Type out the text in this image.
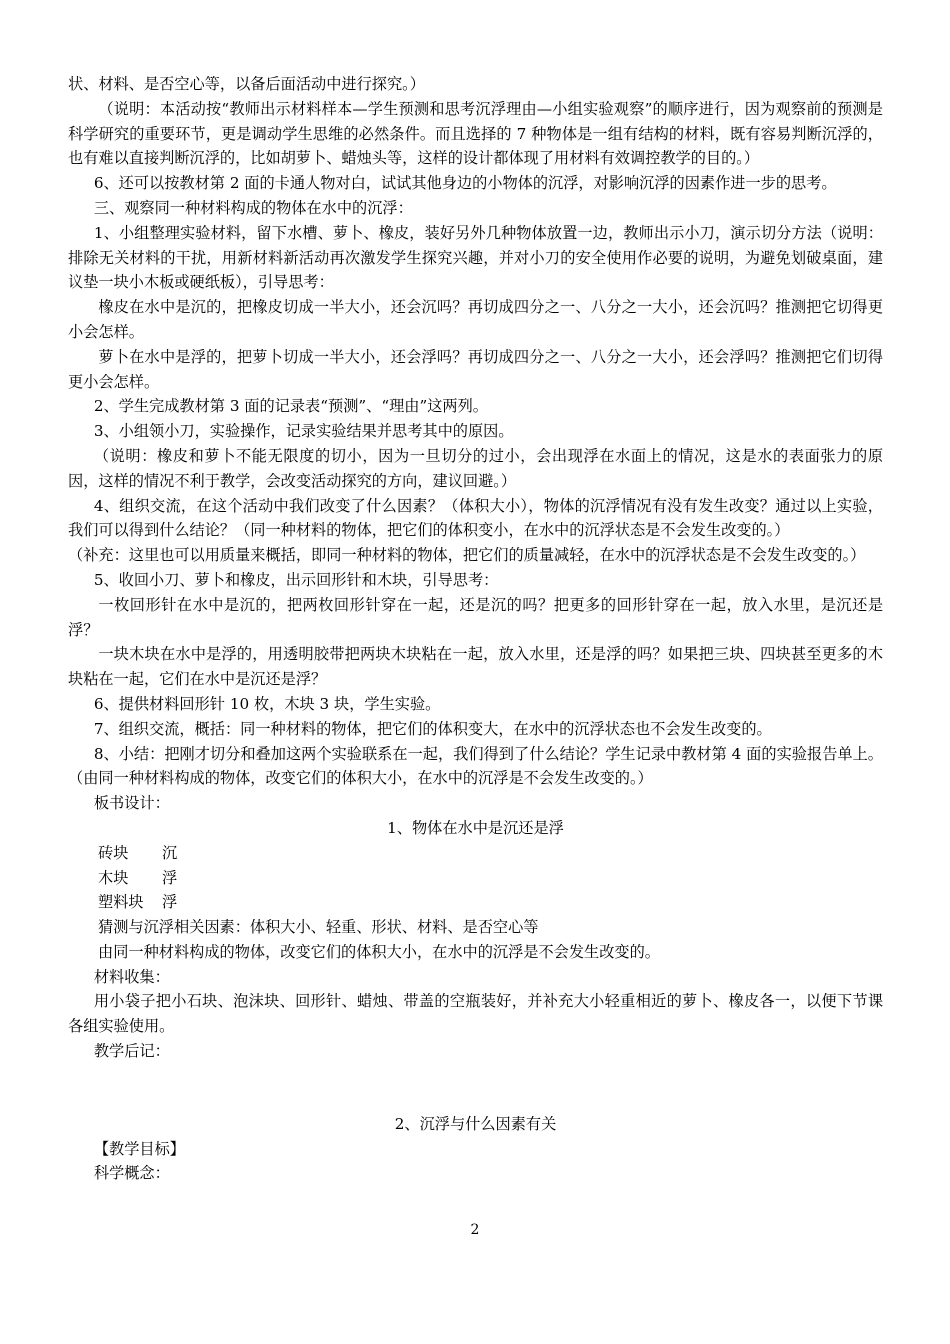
状、材料、是否空心等，以备后面活动中进行探究。）

（说明：本活动按“教师出示材料样本—学生预测和思考沉浮理由—小组实验观察”的顺序进行，因为观察前的预测是科学研究的重要环节，更是调动学生思维的必然条件。而且选择的 7 种物体是一组有结构的材料，既有容易判断沉浮的，也有难以直接判断沉浮的，比如胡萝卜、蜡烛头等，这样的设计都体现了用材料有效调控教学的目的。）

6、还可以按教材第 2 面的卡通人物对白，试试其他身边的小物体的沉浮，对影响沉浮的因素作进一步的思考。

三、观察同一种材料构成的物体在水中的沉浮：

1、小组整理实验材料，留下水槽、萝卜、橡皮，装好另外几种物体放置一边，教师出示小刀，演示切分方法（说明：排除无关材料的干扰，用新材料新活动再次激发学生探究兴趣，并对小刀的安全使用作必要的说明，为避免划破桌面，建议垫一块小木板或硬纸板），引导思考：

橡皮在水中是沉的，把橡皮切成一半大小，还会沉吗？再切成四分之一、八分之一大小，还会沉吗？推测把它切得更小会怎样。

萝卜在水中是浮的，把萝卜切成一半大小，还会浮吗？再切成四分之一、八分之一大小，还会浮吗？推测把它们切得更小会怎样。

2、学生完成教材第 3 面的记录表“预测”、“理由”这两列。

3、小组领小刀，实验操作，记录实验结果并思考其中的原因。

（说明：橡皮和萝卜不能无限度的切小，因为一旦切分的过小，会出现浮在水面上的情况，这是水的表面张力的原因，这样的情况不利于教学，会改变活动探究的方向，建议回避。）

4、组织交流，在这个活动中我们改变了什么因素？（体积大小），物体的沉浮情况有没有发生改变？通过以上实验，我们可以得到什么结论？（同一种材料的物体，把它们的体积变小，在水中的沉浮状态是不会发生改变的。）

（补充：这里也可以用质量来概括，即同一种材料的物体，把它们的质量减轻，在水中的沉浮状态是不会发生改变的。）

5、收回小刀、萝卜和橡皮，出示回形针和木块，引导思考：

一枚回形针在水中是沉的，把两枚回形针穿在一起，还是沉的吗？把更多的回形针穿在一起，放入水里，是沉还是浮？

一块木块在水中是浮的，用透明胶带把两块木块粘在一起，放入水里，还是浮的吗？如果把三块、四块甚至更多的木块粘在一起，它们在水中是沉还是浮？

6、提供材料回形针 10 枚，木块 3 块，学生实验。

7、组织交流，概括：同一种材料的物体，把它们的体积变大，在水中的沉浮状态也不会发生改变的。

8、小结：把刚才切分和叠加这两个实验联系在一起，我们得到了什么结论？学生记录中教材第 4 面的实验报告单上。（由同一种材料构成的物体，改变它们的体积大小，在水中的沉浮是不会发生改变的。）

板书设计：

1、物体在水中是沉还是浮

砖块 沉
木块 浮
塑料块 浮
猜测与沉浮相关因素：体积大小、轻重、形状、材料、是否空心等
由同一种材料构成的物体，改变它们的体积大小，在水中的沉浮是不会发生改变的。

材料收集：

用小袋子把小石块、泡沫块、回形针、蜡烛、带盖的空瓶装好，并补充大小轻重相近的萝卜、橡皮各一，以便下节课各组实验使用。

教学后记：

2、沉浮与什么因素有关

【教学目标】

科学概念：

2
